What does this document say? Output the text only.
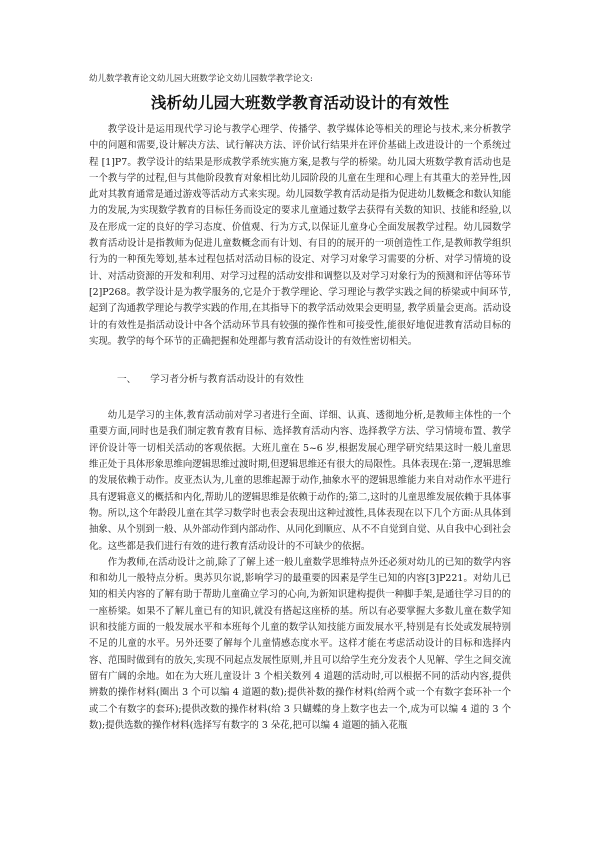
幼儿数学教育论文幼儿园大班数学论文幼儿园数学教学论文:

浅析幼儿园大班数学教育活动设计的有效性

教学设计是运用现代学习论与教学心理学、传播学、教学媒体论等相关的理论与技术,来分析教学中的问题和需要,设计解决方法、试行解决方法、评价试行结果并在评价基础上改进设计的一个系统过程 [1]P7。教学设计的结果是形成教学系统实施方案,是教与学的桥梁。幼儿园大班数学教育活动也是一个教与学的过程,但与其他阶段教育对象相比幼儿园阶段的儿童在生理和心理上有其重大的差异性,因此对其教育通常是通过游戏等活动方式来实现。幼儿园数学教育活动是指为促进幼儿数概念和数认知能力的发展,为实现数学教育的目标任务而设定的要求儿童通过数学去获得有关数的知识、技能和经验,以及在形成一定的良好的学习态度、价值观、行为方式,以保证儿童身心全面发展教学过程。幼儿园数学教育活动设计是指教师为促进儿童数概念而有计划、有目的的展开的一项创造性工作,是教师教学组织行为的一种预先筹划,基本过程包括对活动目标的设定、对学习对象学习需要的分析、对学习情境的设计、对活动资源的开发和利用、对学习过程的活动安排和调整以及对学习对象行为的预测和评估等环节[2]P268。教学设计是为教学服务的,它是介于教学理论、学习理论与教学实践之间的桥梁或中间环节, 起到了沟通教学理论与教学实践的作用,在其指导下的教学活动效果会更明显, 教学质量会更高。活动设计的有效性是指活动设计中各个活动环节具有较强的操作性和可接受性,能很好地促进教育活动目标的实现。教学的每个环节的正确把握和处理都与教育活动设计的有效性密切相关。

一、 学习者分析与教育活动设计的有效性

幼儿是学习的主体,教育活动前对学习者进行全面、详细、认真、透彻地分析,是教师主体性的一个重要方面,同时也是我们制定教育教育目标、选择教育活动内容、选择教学方法、学习情境布置、教学评价设计等一切相关活动的客观依据。大班儿童在 5~6 岁,根据发展心理学研究结果这时一般儿童思维正处于具体形象思维向逻辑思维过渡时期,但逻辑思维还有很大的局限性。具体表现在:第一,逻辑思维的发展依赖于动作。皮亚杰认为,儿童的思维起源于动作,抽象水平的逻辑思维能力来自对动作水平进行具有逻辑意义的概括和内化,帮助儿的逻辑思维是依赖于动作的;第二,这时的儿童思维发展依赖于具体事物。所以,这个年龄段儿童在其学习数学时也表会表现出这种过渡性,具体表现在以下几个方面:从具体到抽象、从个别到一般、从外部动作到内部动作、从同化到顺应、从不不自觉到自觉、从自我中心到社会化。这些都是我们进行有效的进行教育活动设计的不可缺少的依据。

作为教师,在活动设计之前,除了了解上述一般儿童数学思维特点外还必须对幼儿的已知的数学内容和和幼儿一般特点分析。奥苏贝尔说,影响学习的最重要的因素是学生已知的内容[3]P221。对幼儿已知的相关内容的了解有助于帮助儿童确立学习的心向,为新知识建构提供一种脚手架,是通往学习目的的一座桥梁。如果不了解儿童已有的知识,就没有搭起这座桥的基。所以有必要掌握大多数儿童在数学知识和技能方面的一般发展水平和本班每个儿童的数学认知技能方面发展水平,特别是有长处或发展特别不足的儿童的水平。另外还要了解每个儿童情感态度水平。这样才能在考虑活动设计的目标和选择内容、范围时做到有的放矢,实现不同起点发展性原则,并且可以给学生充分发表个人见解、学生之间交流留有广阔的余地。如在为大班儿童设计 3 个相关数列 4 道题的活动时,可以根据不同的活动内容,提供辨数的操作材料(圈出 3 个可以编 4 道题的数);提供补数的操作材料(给两个或一个有数字套环补一个或二个有数字的套环);提供改数的操作材料(给 3 只蝴蝶的身上数字也去一个,成为可以编 4 道的 3 个数);提供选数的操作材料(选择写有数字的 3 朵花,把可以编 4 道题的插入花瓶
